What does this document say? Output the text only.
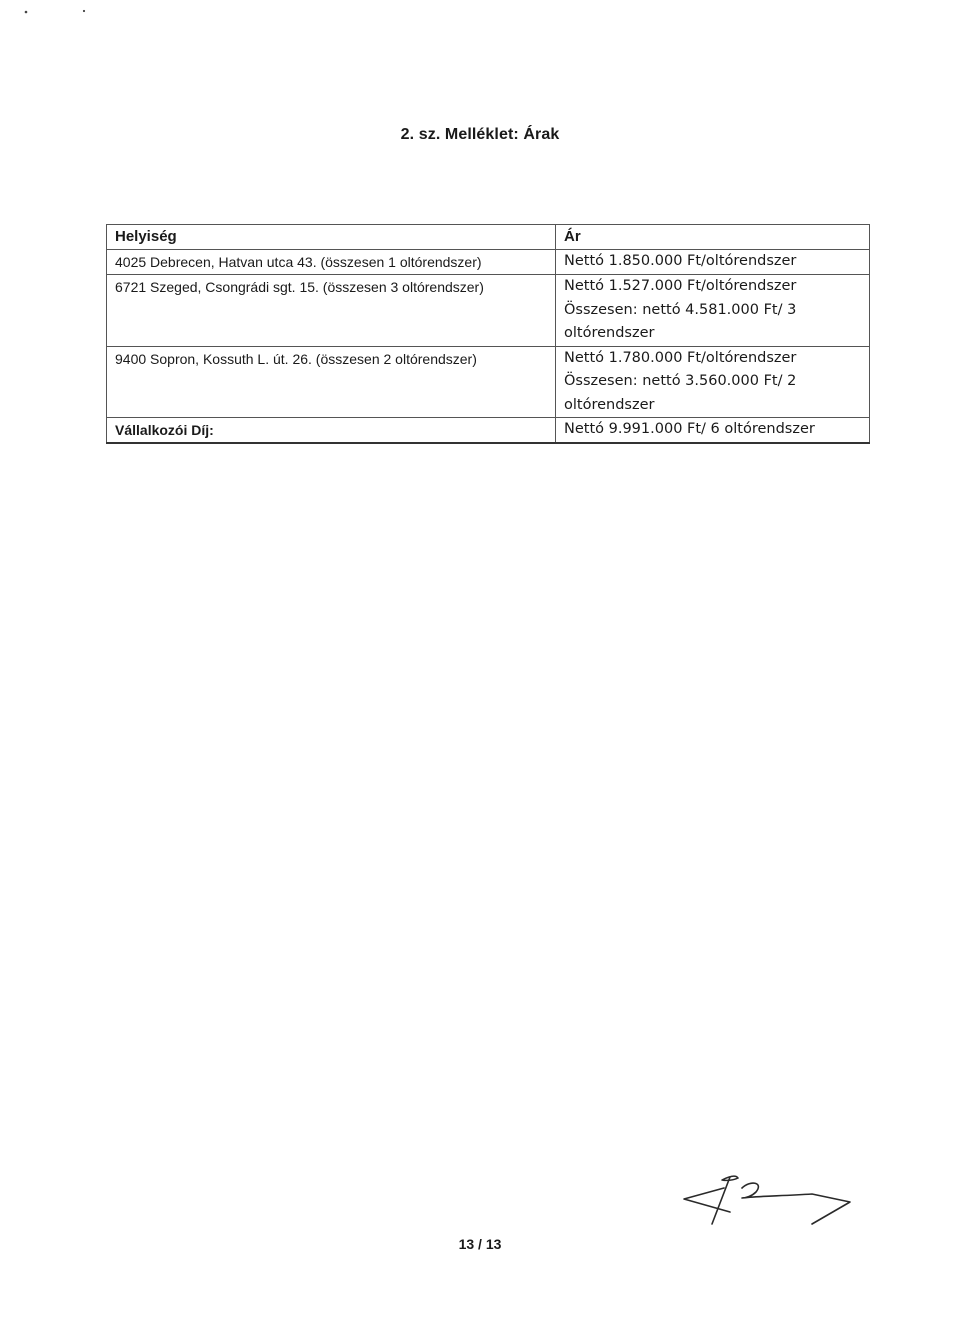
2. sz. Melléklet: Árak
Helyiség	Ár
4025 Debrecen, Hatvan utca 43. (összesen 1 oltórendszer)	Nettó 1.850.000 Ft/oltórendszer

6721 Szeged, Csongrádi sgt. 15. (összesen 3 oltórendszer)	Nettó 1.527.000 Ft/oltórendszer
Összesen: nettó 4.581.000 Ft/ 3
oltórendszer

9400 Sopron, Kossuth L. út. 26. (összesen 2 oltórendszer)	Nettó 1.780.000 Ft/oltórendszer
Összesen: nettó 3.560.000 Ft/ 2
oltórendszer

Vállalkozói Díj:	Nettó 9.991.000 Ft/ 6 oltórendszer
13 / 13
